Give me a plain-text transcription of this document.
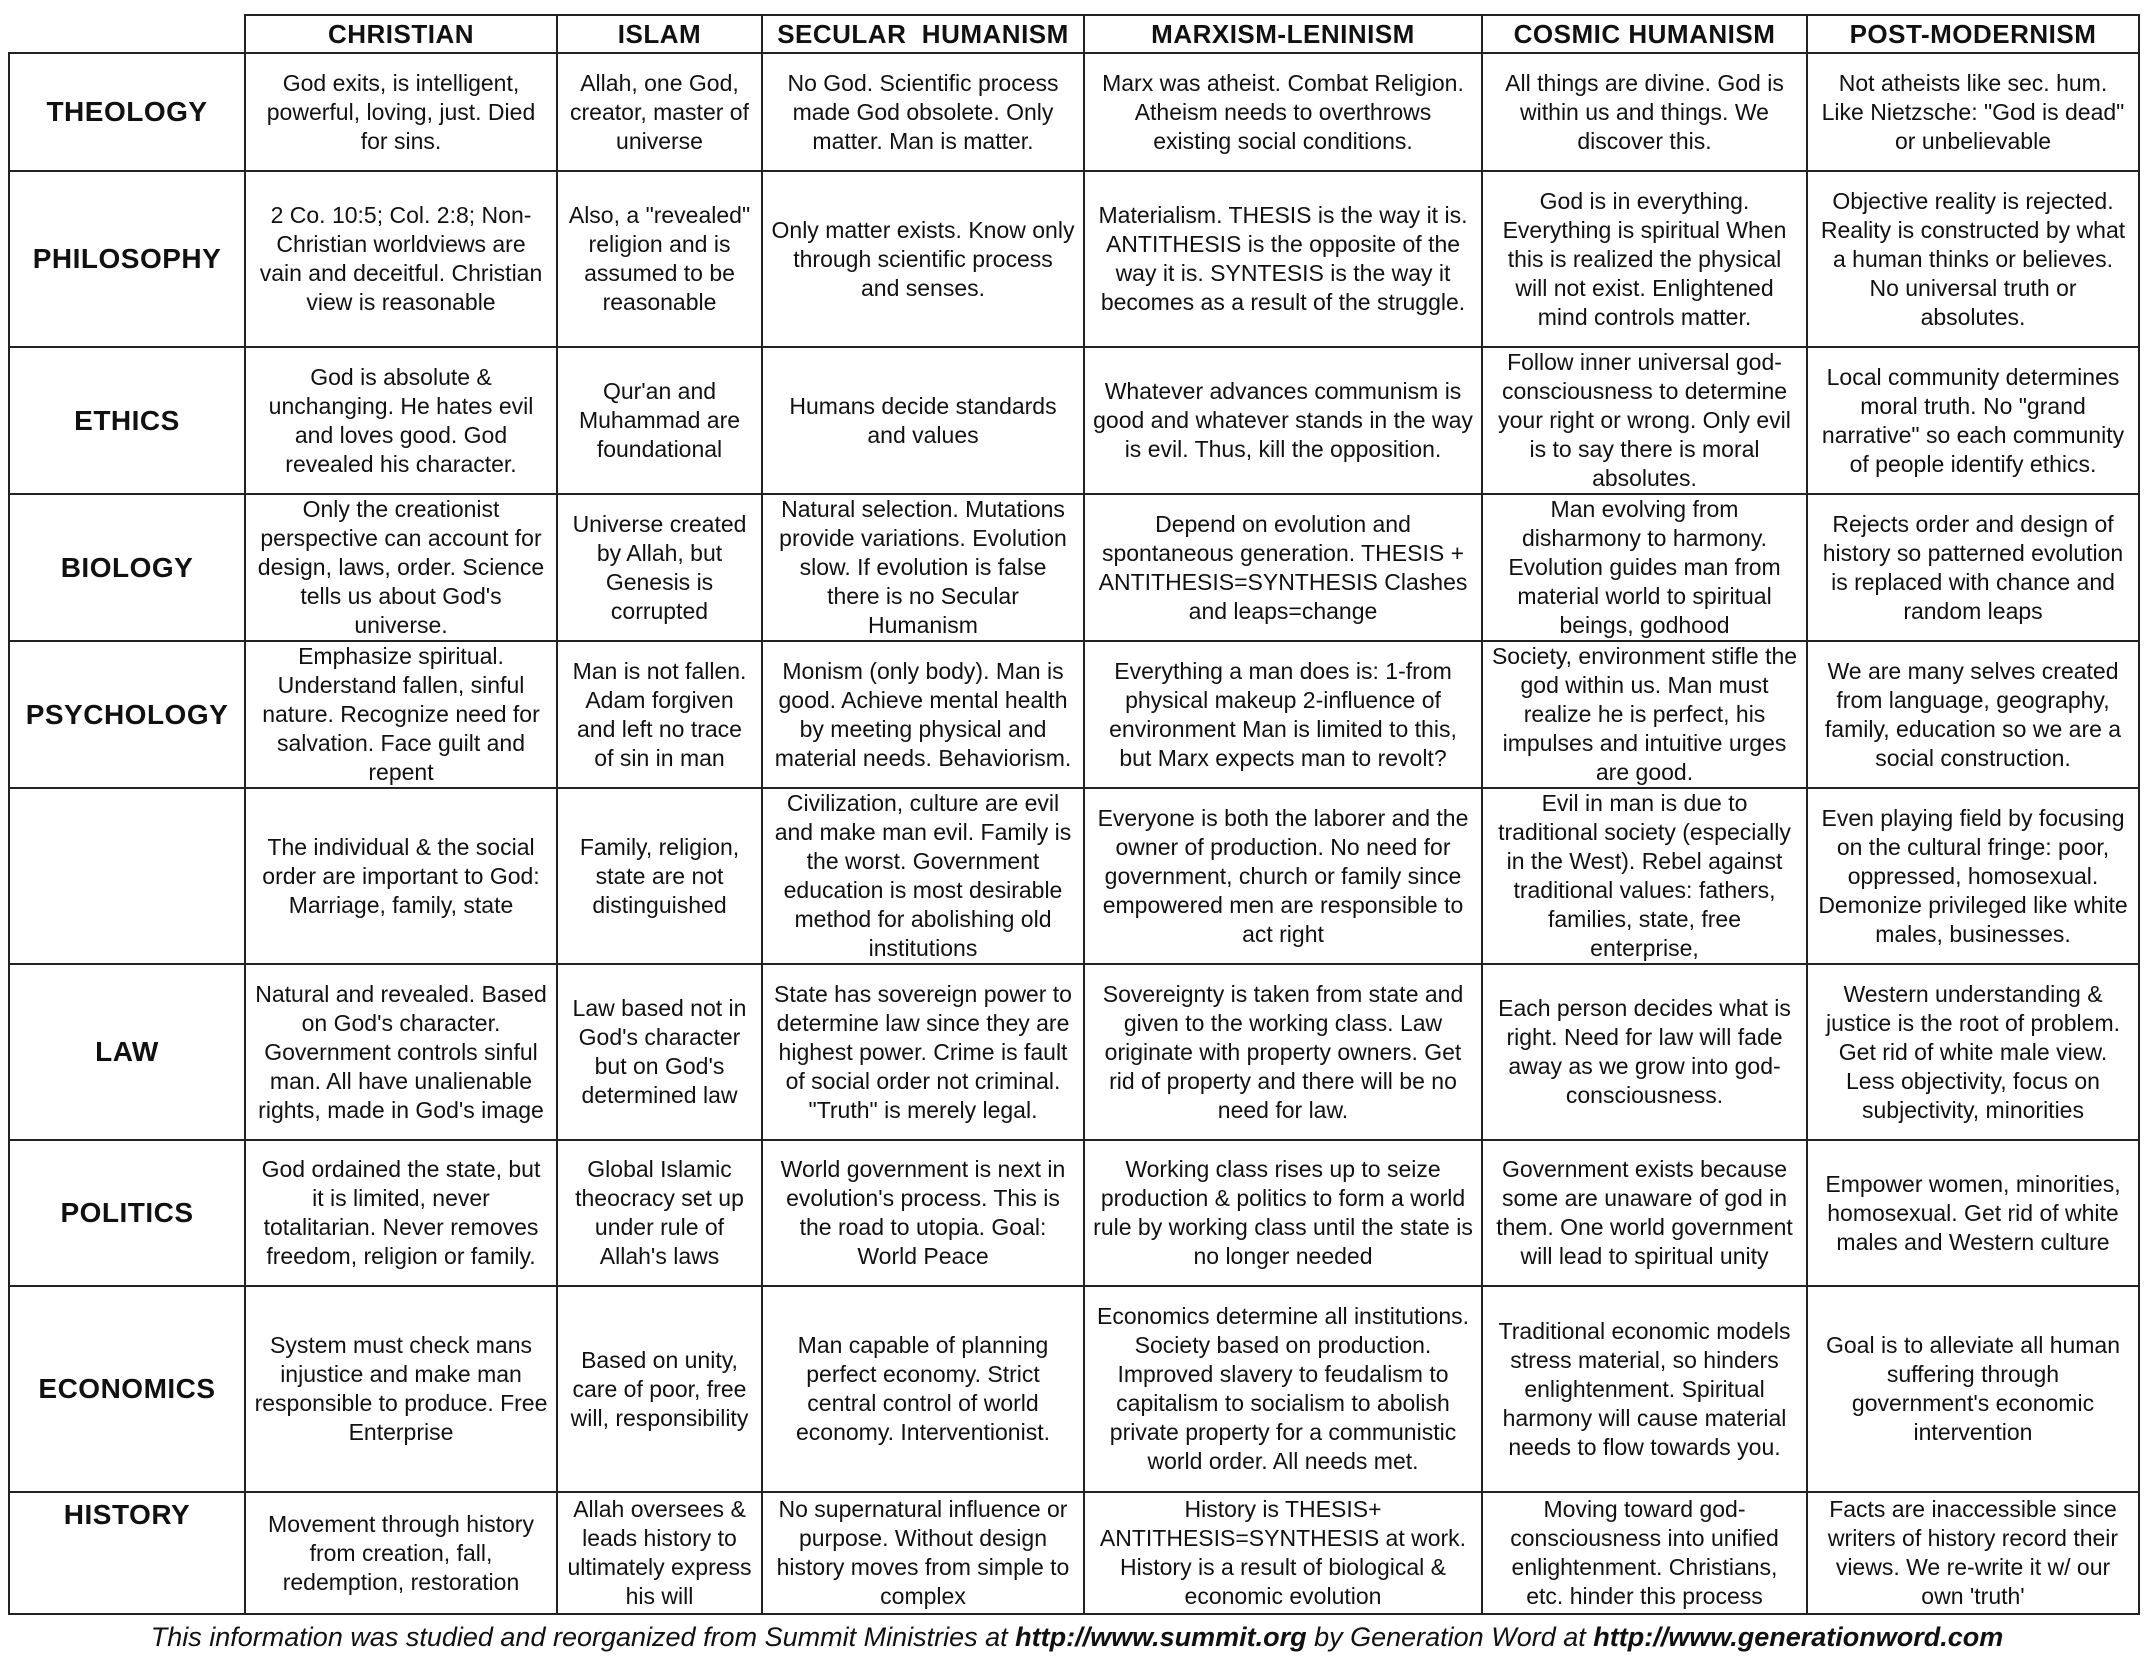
	CHRISTIAN	ISLAM	SECULAR  HUMANISM	MARXISM-LENINISM	COSMIC HUMANISM	POST-MODERNISM
THEOLOGY	God exits, is intelligent, powerful, loving, just. Died for sins.	Allah, one God, creator, master of universe	No God. Scientific process made God obsolete. Only matter. Man is matter.	Marx was atheist. Combat Religion. Atheism needs to overthrows existing social conditions.	All things are divine. God is within us and things. We discover this.	Not atheists like sec. hum. Like Nietzsche: "God is dead" or unbelievable
PHILOSOPHY	2 Co. 10:5; Col. 2:8; Non-Christian worldviews are vain and deceitful. Christian view is reasonable	Also, a "revealed" religion and is assumed to be reasonable	Only matter exists. Know only through scientific process and senses.	Materialism. THESIS is the way it is. ANTITHESIS is the opposite of the way it is. SYNTESIS is the way it becomes as a result of the struggle.	God is in everything. Everything is spiritual When this is realized the physical will not exist. Enlightened mind controls matter.	Objective reality is rejected. Reality is constructed by what a human thinks or believes. No universal truth or absolutes.
ETHICS	God is absolute & unchanging. He hates evil and loves good. God revealed his character.	Qur'an and Muhammad are foundational	Humans decide standards and values	Whatever advances communism is good and whatever stands in the way is evil. Thus, kill the opposition.	Follow inner universal god-consciousness to determine your right or wrong. Only evil is to say there is moral absolutes.	Local community determines moral truth. No "grand narrative" so each community of people identify ethics.
BIOLOGY	Only the creationist perspective can account for design, laws, order. Science tells us about God's universe.	Universe created by Allah, but Genesis is corrupted	Natural selection. Mutations provide variations. Evolution slow. If evolution is false there is no Secular Humanism	Depend on evolution and spontaneous generation. THESIS + ANTITHESIS=SYNTHESIS Clashes and leaps=change	Man evolving from disharmony to harmony. Evolution guides man from material world to spiritual beings, godhood	Rejects order and design of history so patterned evolution is replaced with chance and random leaps
PSYCHOLOGY	Emphasize spiritual. Understand fallen, sinful nature. Recognize need for salvation. Face guilt and repent	Man is not fallen. Adam forgiven and left no trace of sin in man	Monism (only body). Man is good. Achieve mental health by meeting physical and material needs. Behaviorism.	Everything a man does is: 1-from physical makeup 2-influence of environment Man is limited to this, but Marx expects man to revolt?	Society, environment stifle the god within us. Man must realize he is perfect, his impulses and intuitive urges are good.	We are many selves created from language, geography, family, education so we are a social construction.
	The individual & the social order are important to God: Marriage, family, state	Family, religion, state are not distinguished	Civilization, culture are evil and make man evil. Family is the worst. Government education is most desirable method for abolishing old institutions	Everyone is both the laborer and the owner of production. No need for government, church or family since empowered men are responsible to act right	Evil in man is due to traditional society (especially in the West). Rebel against traditional values: fathers, families, state, free enterprise,	Even playing field by focusing on the cultural fringe: poor, oppressed, homosexual. Demonize privileged like white males, businesses.
LAW	Natural and revealed. Based on God's character. Government controls sinful man. All have unalienable rights, made in God's image	Law based not in God's character but on God's determined law	State has sovereign power to determine law since they are highest power. Crime is fault of social order not criminal. "Truth" is merely legal.	Sovereignty is taken from state and given to the working class. Law originate with property owners. Get rid of property and there will be no need for law.	Each person decides what is right. Need for law will fade away as we grow into god-consciousness.	Western understanding & justice is the root of problem. Get rid of white male view. Less objectivity, focus on subjectivity, minorities
POLITICS	God ordained the state, but it is limited, never totalitarian. Never removes freedom, religion or family.	Global Islamic theocracy set up under rule of Allah's laws	World government is next in evolution's process. This is the road to utopia. Goal: World Peace	Working class rises up to seize production & politics to form a world rule by working class until the state is no longer needed	Government exists because some are unaware of god in them. One world government will lead to spiritual unity	Empower women, minorities, homosexual. Get rid of white males and Western culture
ECONOMICS	System must check mans injustice and make man responsible to produce. Free Enterprise	Based on unity, care of poor, free will, responsibility	Man capable of planning perfect economy. Strict central control of world economy. Interventionist.	Economics determine all institutions. Society based on production. Improved slavery to feudalism to capitalism to socialism to abolish private property for a communistic world order. All needs met.	Traditional economic models stress material, so hinders enlightenment. Spiritual harmony will cause material needs to flow towards you.	Goal is to alleviate all human suffering through government's economic intervention
HISTORY	Movement through history from creation, fall, redemption, restoration	Allah oversees & leads history to ultimately express his will	No supernatural influence or purpose. Without design history moves from simple to complex	History is THESIS+ ANTITHESIS=SYNTHESIS at work. History is a result of biological & economic evolution	Moving toward god-consciousness into unified enlightenment. Christians, etc. hinder this process	Facts are inaccessible since writers of history record their views. We re-write it w/ our own 'truth'
This information was studied and reorganized from Summit Ministries at http://www.summit.org by Generation Word at http://www.generationword.com
